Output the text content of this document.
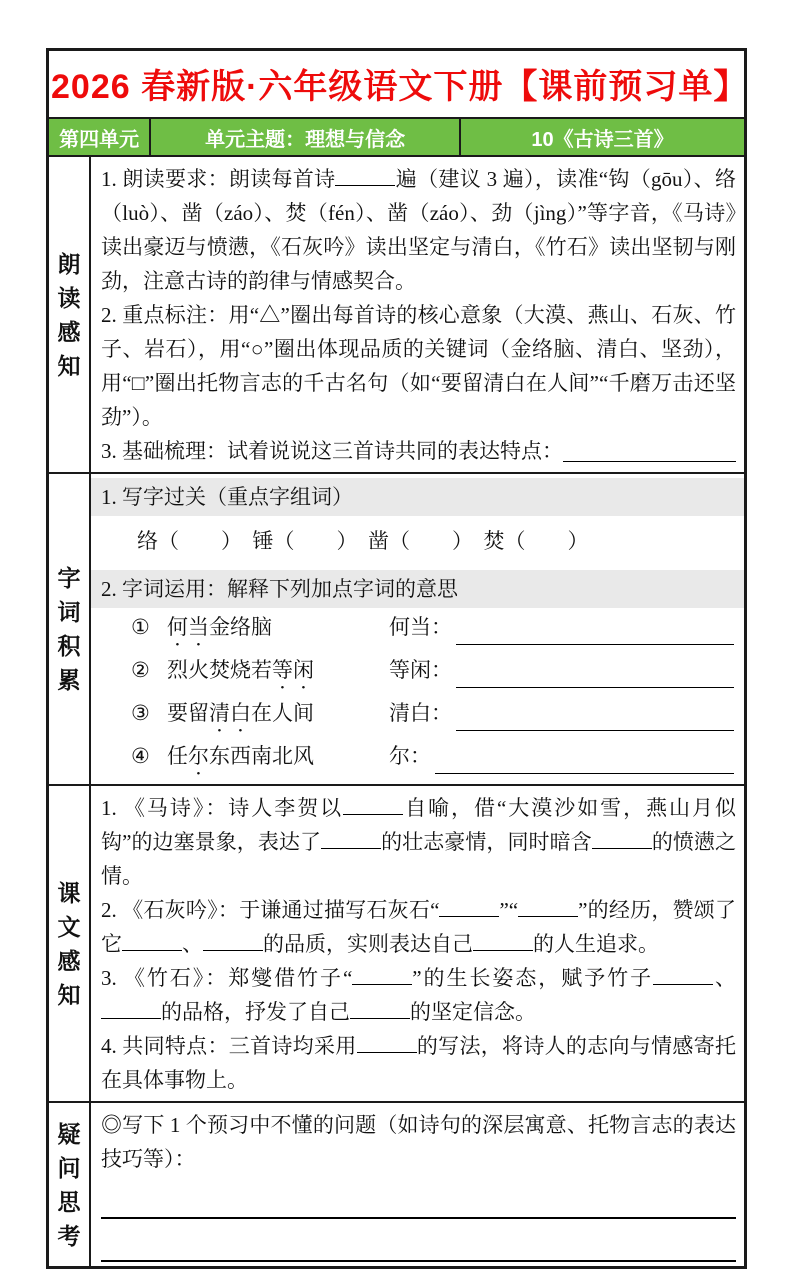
2026 春新版·六年级语文下册【课前预习单】
第四单元	单元主题：理想与信念	10《古诗三首》
朗
读
感
知

1. 朗读要求：朗读每首诗	遍（建议 3 遍），读准“钩（gōu）、络（luò）、凿（záo）、焚（fén）、凿（záo）、劲（jìng）”等字音，《马诗》读出豪迈与愤懑，《石灰吟》读出坚定与清白，《竹石》读出坚韧与刚劲，注意古诗的韵律与情感契合。

2. 重点标注：用“△”圈出每首诗的核心意象（大漠、燕山、石灰、竹子、岩石），用“○”圈出体现品质的关键词（金络脑、清白、坚劲），用“□”圈出托物言志的千古名句（如“要留清白在人间”“千磨万击还坚劲”）。

3. 基础梳理：试着说说这三首诗共同的表达特点：
字
词
积
累
1. 写字过关（重点字组词）
络（        ）  锤（        ）  凿（        ）  焚（        ）
2. 字词运用：解释下列加点字词的意思
① 何当金络脑	何当：
② 烈火焚烧若等闲	等闲：
③ 要留清白在人间	清白：
④ 任尔东西南北风	尔：
课
文
感
知

1. 《马诗》：诗人李贺以	自喻，借“大漠沙如雪，燕山月似钩”的边塞景象，表达了	的壮志豪情，同时暗含	的愤懑之情。

2. 《石灰吟》：于谦通过描写石灰石“	”“	”的经历，赞颂了它	、	的品质，实则表达自己	的人生追求。

3. 《竹石》：郑燮借竹子“	”的生长姿态，赋予竹子	、的品格，抒发了自己	的坚定信念。

4. 共同特点：三首诗均采用	的写法，将诗人的志向与情感寄托在具体事物上。

疑
问
思
考

◎写下 1 个预习中不懂的问题（如诗句的深层寓意、托物言志的表达技巧等）：
